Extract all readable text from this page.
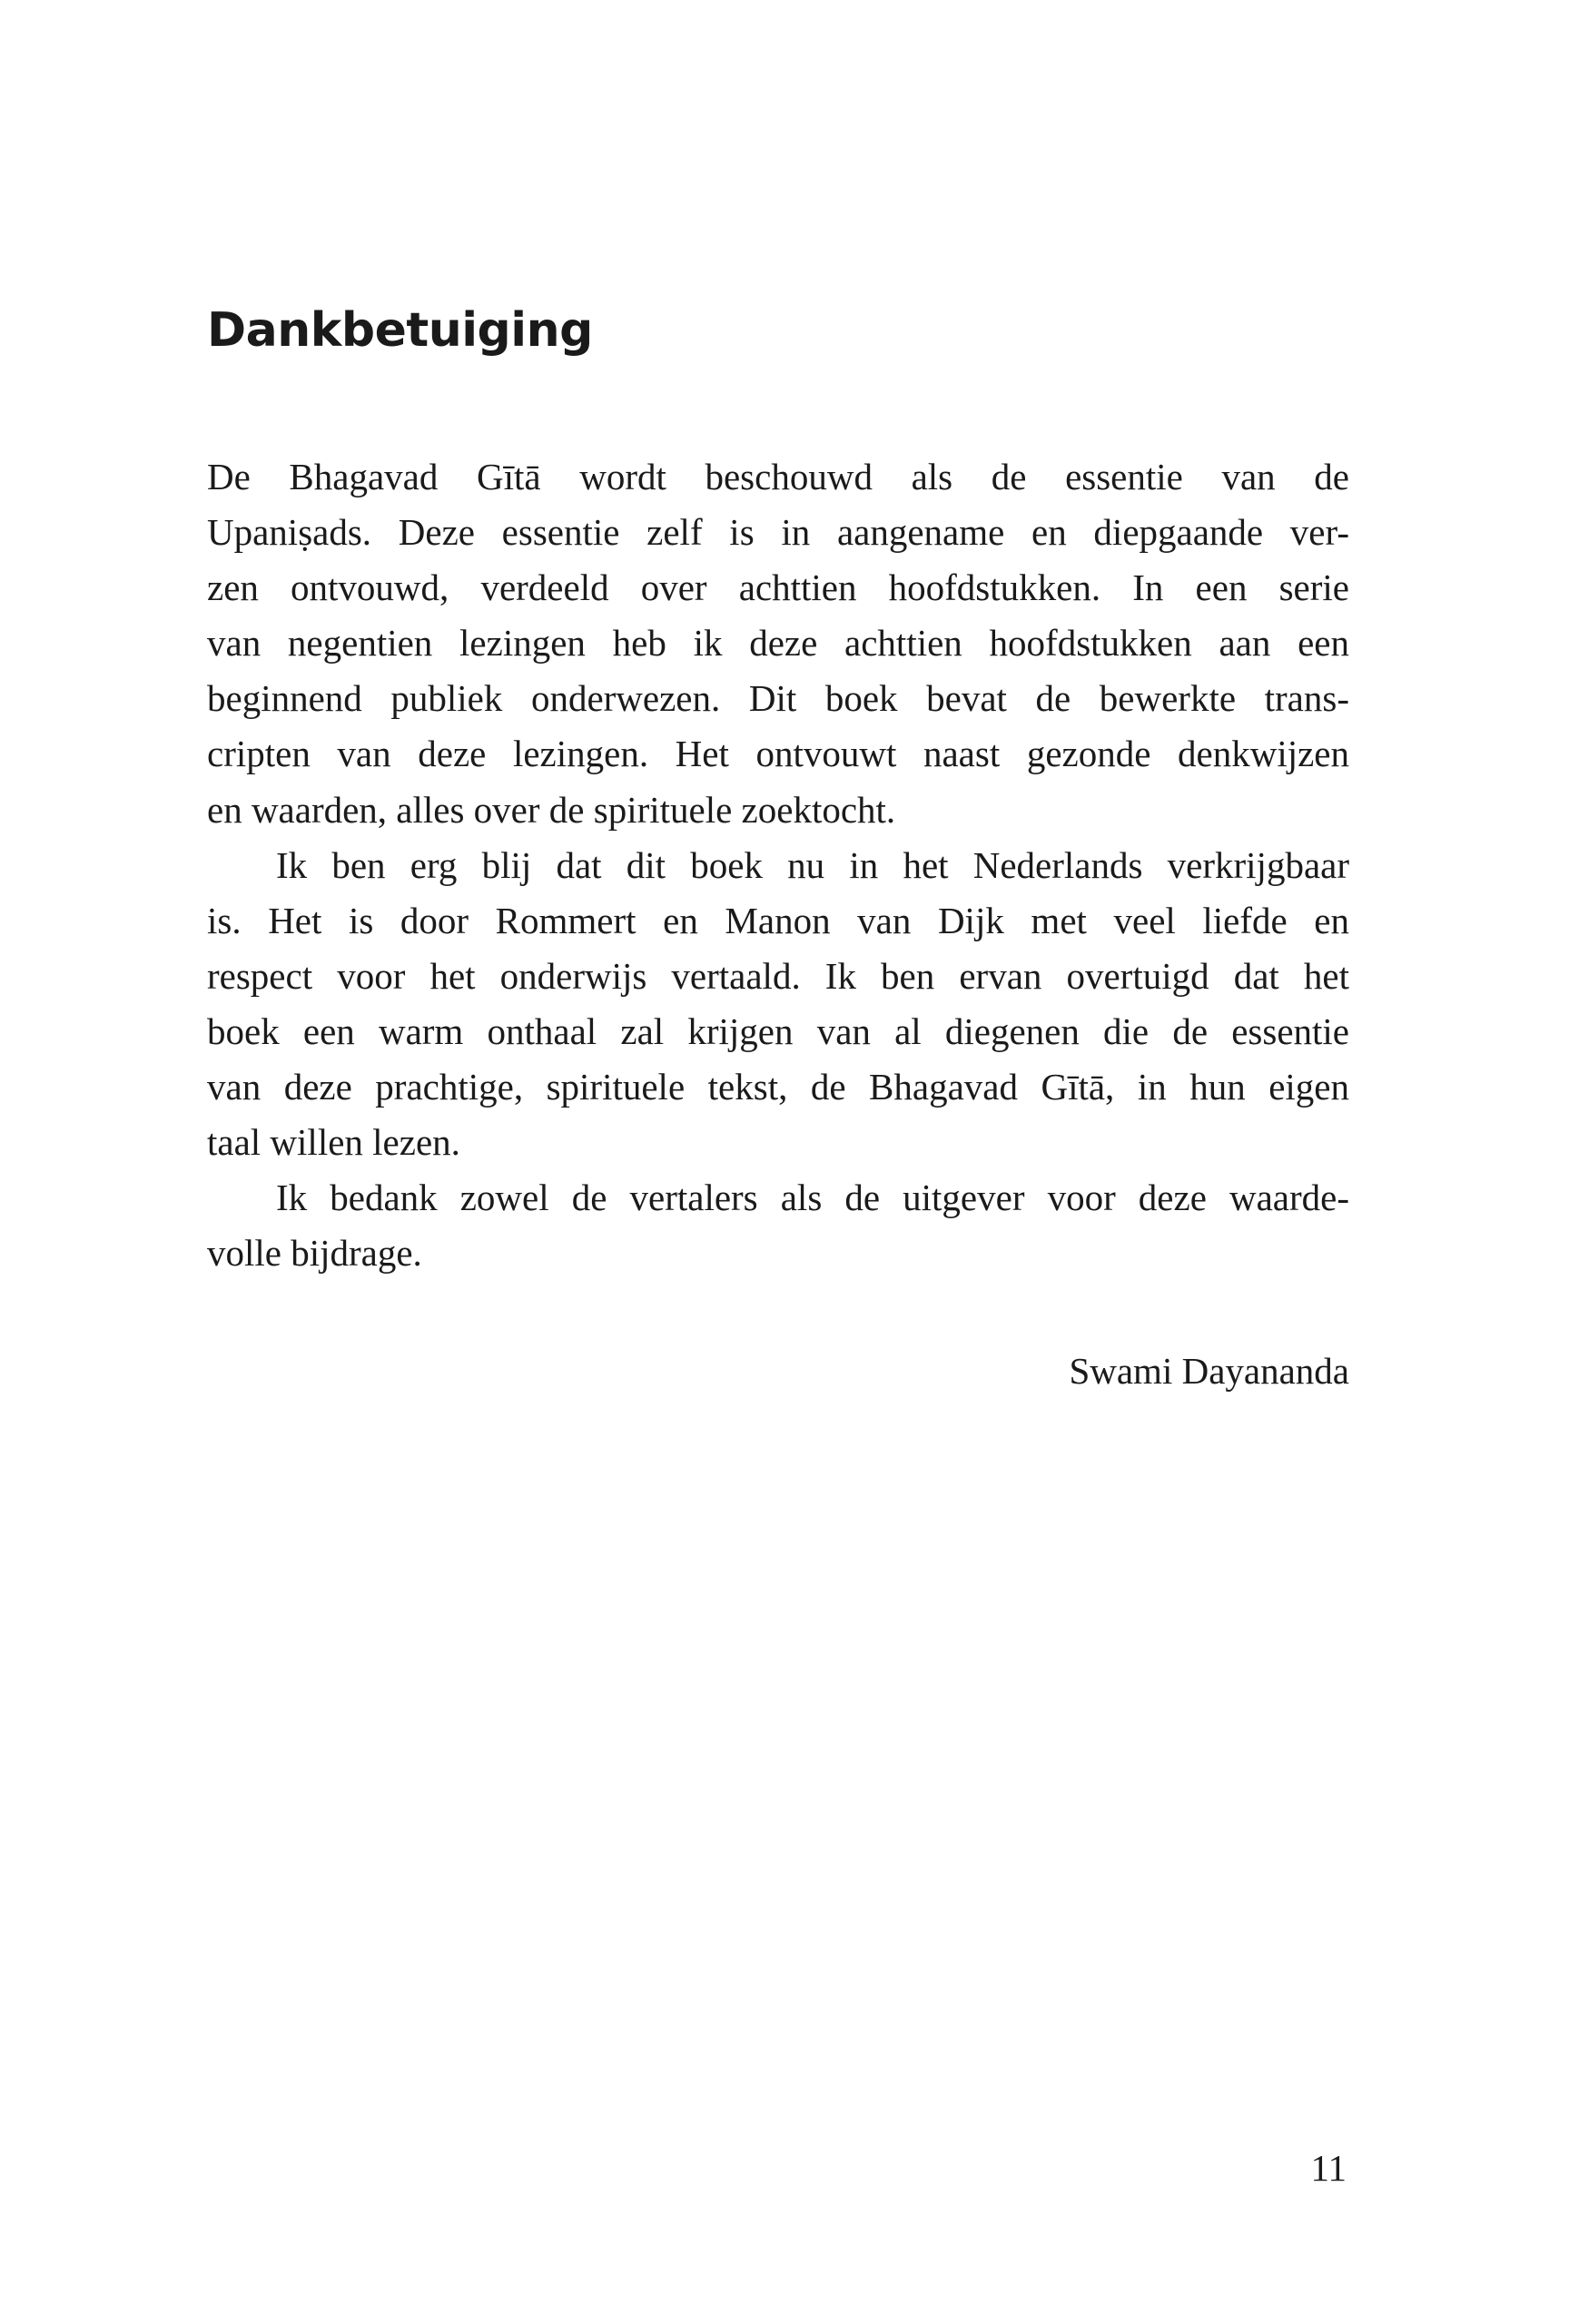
Dankbetuiging
De Bhagavad Gītā wordt beschouwd als de essentie van de
Upaniṣads. Deze essentie zelf is in aangename en diepgaande ver-
zen ontvouwd, verdeeld over achttien hoofdstukken. In een serie
van negentien lezingen heb ik deze achttien hoofdstukken aan een
beginnend publiek onderwezen. Dit boek bevat de bewerkte trans-
cripten van deze lezingen. Het ontvouwt naast gezonde denkwijzen
en waarden, alles over de spirituele zoektocht.
Ik ben erg blij dat dit boek nu in het Nederlands verkrijgbaar
is. Het is door Rommert en Manon van Dijk met veel liefde en
respect voor het onderwijs vertaald. Ik ben ervan overtuigd dat het
boek een warm onthaal zal krijgen van al diegenen die de essentie
van deze prachtige, spirituele tekst, de Bhagavad Gītā, in hun eigen
taal willen lezen.
Ik bedank zowel de vertalers als de uitgever voor deze waarde-
volle bijdrage.
Swami Dayananda
11
